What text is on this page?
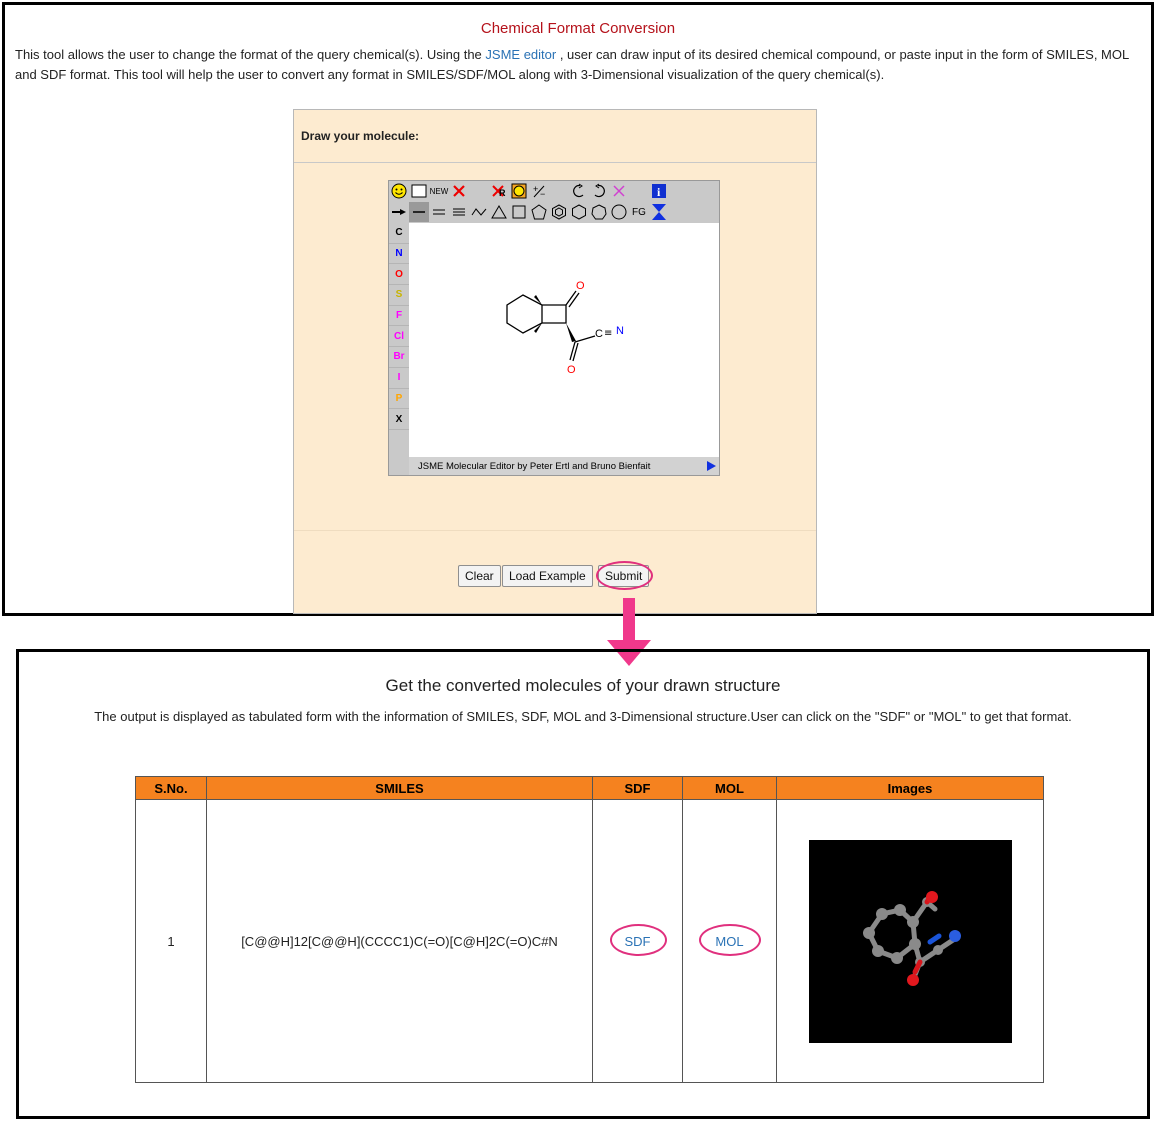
Chemical Format Conversion
This tool allows the user to change the format of the query chemical(s). Using the JSME editor , user can draw input of its desired chemical compound, or paste input in the form of SMILES, MOL and SDF format. This tool will help the user to convert any format in SMILES/SDF/MOL along with 3-Dimensional visualization of the query chemical(s).
Draw your molecule:
NEW	R	+ −	i
FG
C
N
O
S
F
Cl
Br
I
P
X
O
O
C ≡ N
JSME Molecular Editor by Peter Ertl and Bruno Bienfait
Clear	Load Example	Submit
Get the converted molecules of your drawn structure
The output is displayed as tabulated form with the information of SMILES, SDF, MOL and 3-Dimensional structure.User can click on the "SDF" or "MOL" to get that format.
S.No.	SMILES	SDF	MOL	Images
1	[C@@H]12[C@@H](CCCC1)C(=O)[C@H]2C(=O)C#N	SDF	MOL
